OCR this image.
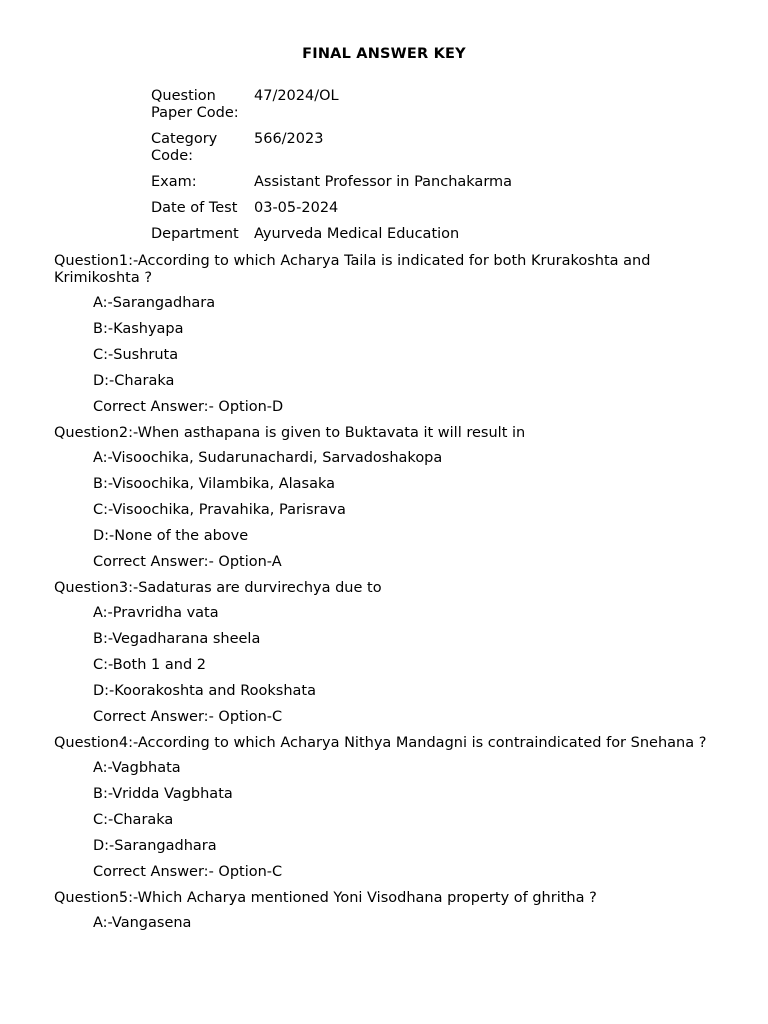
FINAL ANSWER KEY
Question Paper Code:
47/2024/OL
Category Code:
566/2023
Exam:	Assistant Professor in Panchakarma
Date of Test	03-05-2024
Department	Ayurveda Medical Education
Question1:-According to which Acharya Taila is indicated for both Krurakoshta and Krimikoshta ?
A:-Sarangadhara
B:-Kashyapa
C:-Sushruta
D:-Charaka
Correct Answer:- Option-D
Question2:-When asthapana is given to Buktavata it will result in
A:-Visoochika, Sudarunachardi, Sarvadoshakopa
B:-Visoochika, Vilambika, Alasaka
C:-Visoochika, Pravahika, Parisrava
D:-None of the above
Correct Answer:- Option-A
Question3:-Sadaturas are durvirechya due to
A:-Pravridha vata
B:-Vegadharana sheela
C:-Both 1 and 2
D:-Koorakoshta and Rookshata
Correct Answer:- Option-C
Question4:-According to which Acharya Nithya Mandagni is contraindicated for Snehana ?
A:-Vagbhata
B:-Vridda Vagbhata
C:-Charaka
D:-Sarangadhara
Correct Answer:- Option-C
Question5:-Which Acharya mentioned Yoni Visodhana property of ghritha ?
A:-Vangasena
